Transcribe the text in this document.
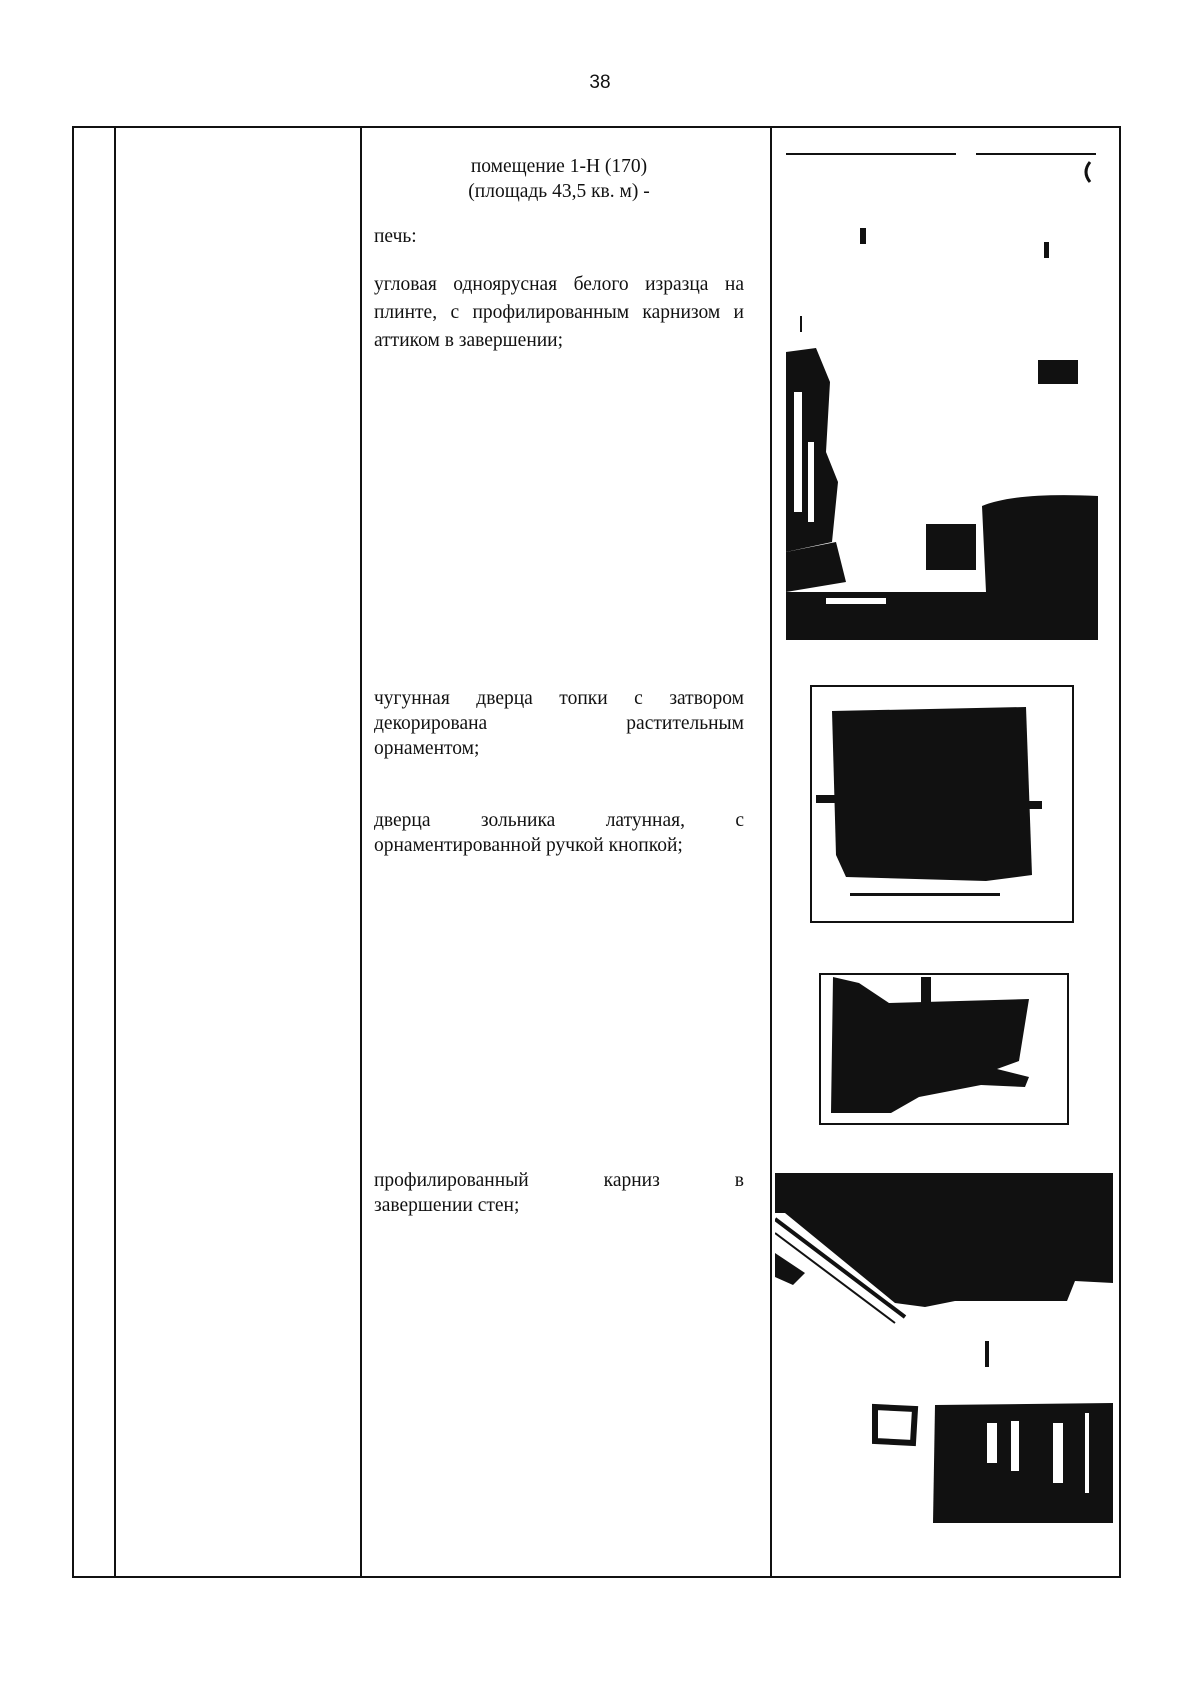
38
помещение 1-Н (170)
(площадь 43,5 кв. м) -
печь:
угловая одноярусная белого изразца на плинте, с профилированным карнизом и аттиком в завершении;
чугунная дверца топки с затвором
декорирована растительным
орнаментом;
дверца зольника латунная, с
орнаментированной ручкой кнопкой;
профилированный карниз в
завершении стен;
